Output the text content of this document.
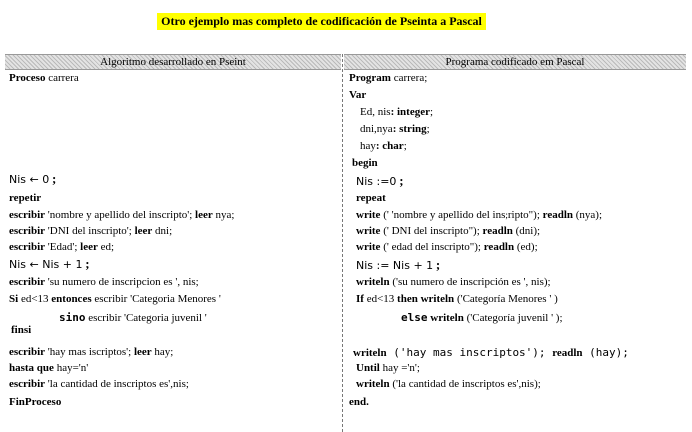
Otro ejemplo mas completo de codificación de Pseinta a Pascal
Algoritmo desarrollado en Pseint	Programa codificado em Pascal
Proceso carrera
Nis ← 0 ;
repetir
escribir 'nombre y apellido del inscripto'; leer nya;
escribir 'DNI del inscripto'; leer dni;
escribir 'Edad'; leer ed;
Nis ← Nis + 1 ;
escribir 'su numero de inscripcion es ', nis;
Si ed<13 entonces escribir 'Categoria Menores '
sino escribir 'Categoria juvenil '
finsi
escribir 'hay mas iscriptos'; leer hay;
hasta que hay='n'
escribir 'la cantidad de inscriptos es',nis;
FinProceso
Program carrera;
Var
Ed, nis: integer;
dni,nya: string;
hay: char;
begin
Nis :=0 ;
repeat
write (' 'nombre y apellido del ins;ripto"); readln (nya);
write (' DNI del inscripto"); readln (dni);
write (' edad del inscripto"); readln (ed);
Nis := Nis + 1 ;
writeln ('su numero de inscripción es ', nis);
If ed<13 then writeln ('Categoría Menores ' )
else writeln ('Categoría juvenil ' );
writeln ('hay mas inscriptos'); readln (hay);
Until hay ='n';
writeln ('la cantidad de inscriptos es',nis);
end.
